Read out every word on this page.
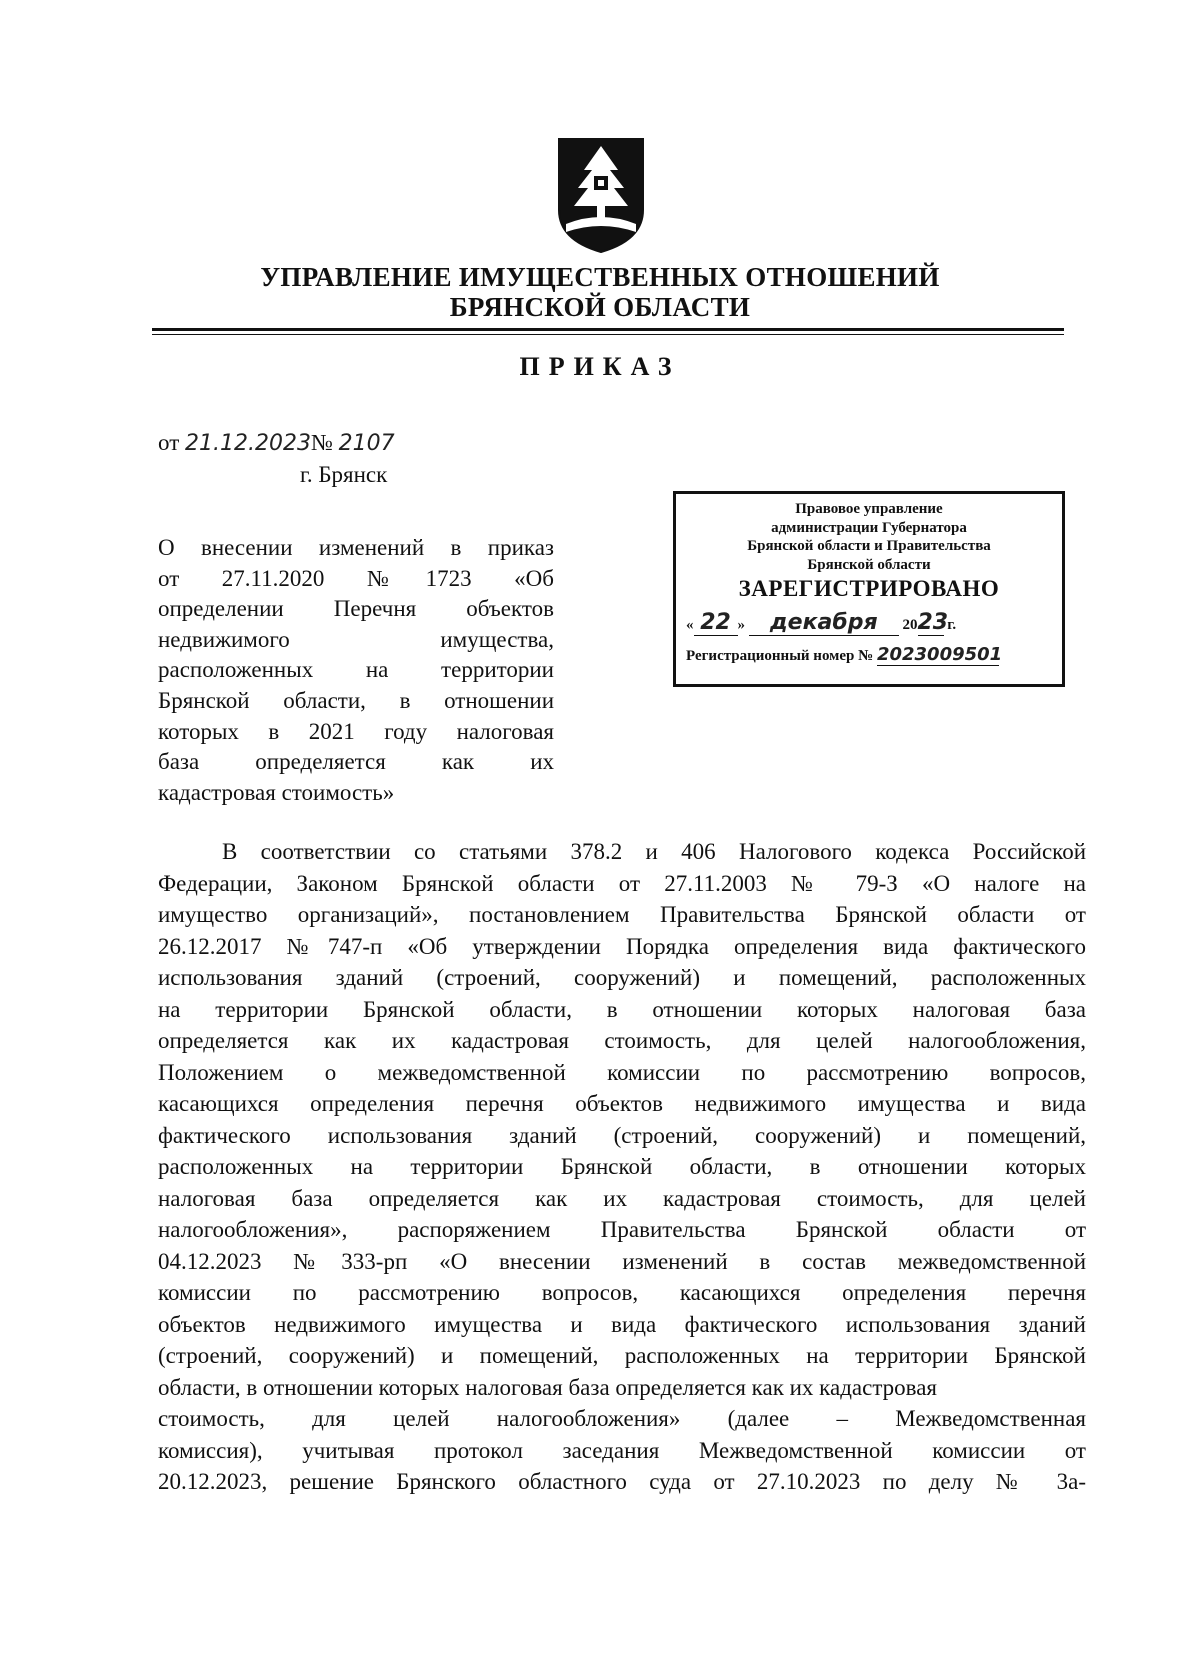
УПРАВЛЕНИЕ ИМУЩЕСТВЕННЫХ ОТНОШЕНИЙ
БРЯНСКОЙ ОБЛАСТИ
ПРИКАЗ
от 21.12.2023№ 2107
г. Брянск
О внесении изменений в приказ
от 27.11.2020 №1723 «Об
определении Перечня объектов
недвижимого имущества,
расположенных на территории
Брянской области, в отношении
которых в 2021 году налоговая
база определяется как их
кадастровая стоимость»
Правовое управление
администрации Губернатора
Брянской области и Правительства
Брянской области
ЗАРЕГИСТРИРОВАНО
« 22 » декабря 2023 г.
Регистрационный номер № 2023009501
В соответствии со статьями 378.2 и 406 Налогового кодекса Российской
Федерации, Законом Брянской области от 27.11.2003 № 79-З «О налоге на
имущество организаций», постановлением Правительства Брянской области от
26.12.2017 №747-п «Об утверждении Порядка определения вида фактического
использования зданий (строений, сооружений) и помещений, расположенных
на территории Брянской области, в отношении которых налоговая база
определяется как их кадастровая стоимость, для целей налогообложения,
Положением о межведомственной комиссии по рассмотрению вопросов,
касающихся определения перечня объектов недвижимого имущества и вида
фактического использования зданий (строений, сооружений) и помещений,
расположенных на территории Брянской области, в отношении которых
налоговая база определяется как их кадастровая стоимость, для целей
налогообложения», распоряжением Правительства Брянской области от
04.12.2023 №333-рп «О внесении изменений в состав межведомственной
комиссии по рассмотрению вопросов, касающихся определения перечня
объектов недвижимого имущества и вида фактического использования зданий
(строений, сооружений) и помещений, расположенных на территории Брянской
области, в отношении которых налоговая база определяется как их кадастровая
стоимость, для целей налогообложения» (далее – Межведомственная
комиссия), учитывая протокол заседания Межведомственной комиссии от
20.12.2023, решение Брянского областного суда от 27.10.2023 по делу № 3а-
